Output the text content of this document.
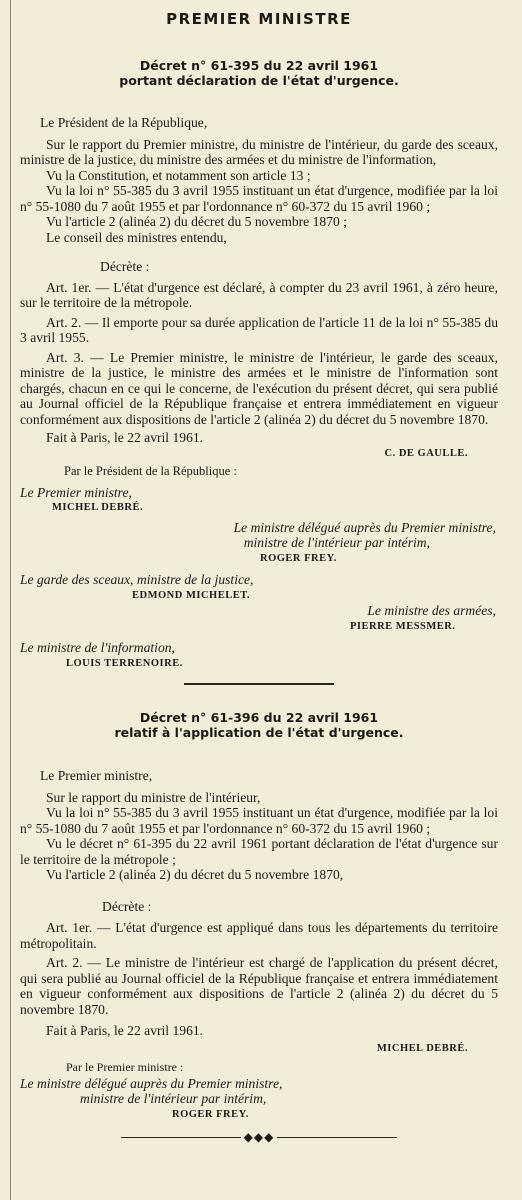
PREMIER MINISTRE
Décret n° 61-395 du 22 avril 1961
portant déclaration de l'état d'urgence.

Le Président de la République,

Sur le rapport du Premier ministre, du ministre de l'intérieur, du garde des sceaux, ministre de la justice, du ministre des armées et du ministre de l'information,

Vu la Constitution, et notamment son article 13 ;

Vu la loi n° 55-385 du 3 avril 1955 instituant un état d'urgence, modifiée par la loi n° 55-1080 du 7 août 1955 et par l'ordonnance n° 60-372 du 15 avril 1960 ;

Vu l'article 2 (alinéa 2) du décret du 5 novembre 1870 ;

Le conseil des ministres entendu,

Décrète :

Art. 1er. — L'état d'urgence est déclaré, à compter du 23 avril 1961, à zéro heure, sur le territoire de la métropole.

Art. 2. — Il emporte pour sa durée application de l'article 11 de la loi n° 55-385 du 3 avril 1955.

Art. 3. — Le Premier ministre, le ministre de l'intérieur, le garde des sceaux, ministre de la justice, le ministre des armées et le ministre de l'information sont chargés, chacun en ce qui le concerne, de l'exécution du présent décret, qui sera publié au Journal officiel de la République française et entrera immédiatement en vigueur conformément aux dispositions de l'article 2 (alinéa 2) du décret du 5 novembre 1870.

Fait à Paris, le 22 avril 1961.

C. DE GAULLE.

Par le Président de la République :

Le Premier ministre,

MICHEL DEBRÉ.

Le ministre délégué auprès du Premier ministre,

ministre de l'intérieur par intérim,

ROGER FREY.

Le garde des sceaux, ministre de la justice,

EDMOND MICHELET.

Le ministre des armées,

PIERRE MESSMER.

Le ministre de l'information,

LOUIS TERRENOIRE.
Décret n° 61-396 du 22 avril 1961
relatif à l'application de l'état d'urgence.

Le Premier ministre,

Sur le rapport du ministre de l'intérieur,

Vu la loi n° 55-385 du 3 avril 1955 instituant un état d'urgence, modifiée par la loi n° 55-1080 du 7 août 1955 et par l'ordonnance n° 60-372 du 15 avril 1960 ;

Vu le décret n° 61-395 du 22 avril 1961 portant déclaration de l'état d'urgence sur le territoire de la métropole ;

Vu l'article 2 (alinéa 2) du décret du 5 novembre 1870,

Décrète :

Art. 1er. — L'état d'urgence est appliqué dans tous les départements du territoire métropolitain.

Art. 2. — Le ministre de l'intérieur est chargé de l'application du présent décret, qui sera publié au Journal officiel de la République française et entrera immédiatement en vigueur conformément aux dispositions de l'article 2 (alinéa 2) du décret du 5 novembre 1870.

Fait à Paris, le 22 avril 1961.

MICHEL DEBRÉ.

Par le Premier ministre :

Le ministre délégué auprès du Premier ministre,

ministre de l'intérieur par intérim,

ROGER FREY.
◆◆◆
